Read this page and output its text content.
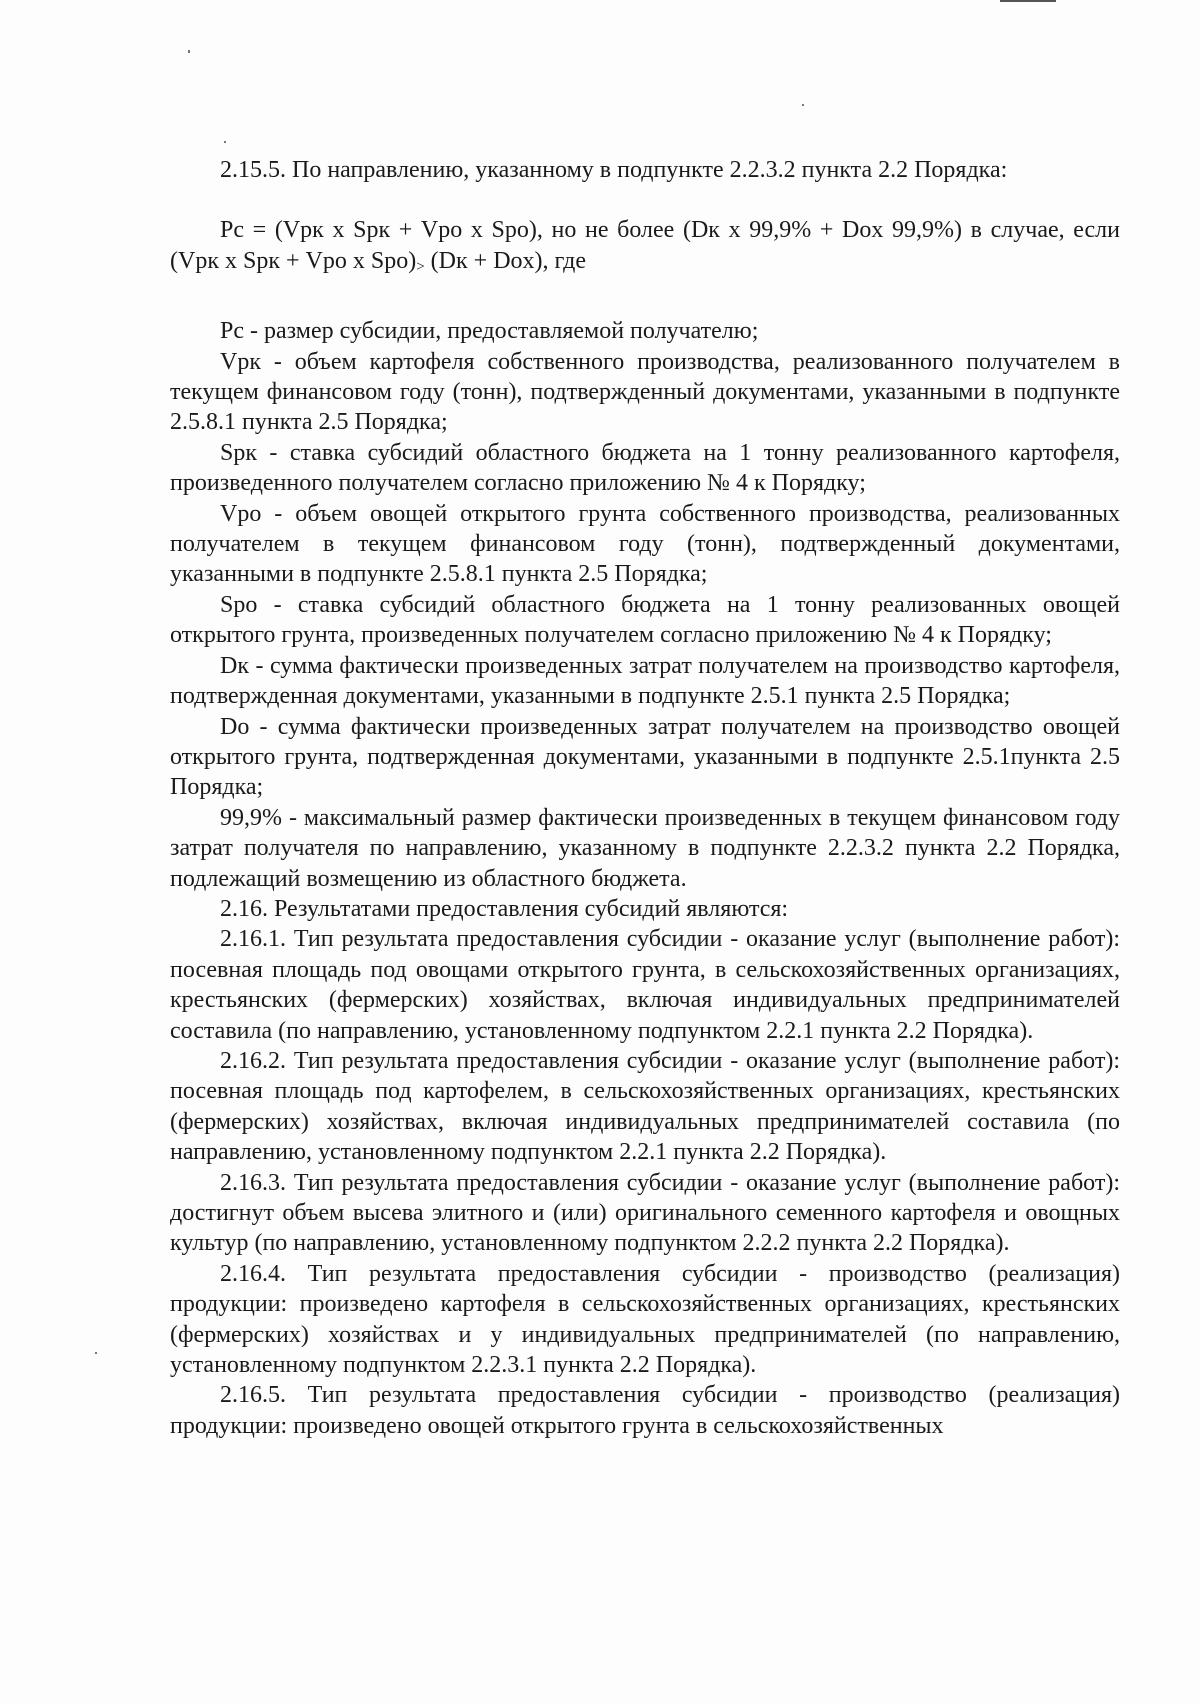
2.15.5. По направлению, указанному в подпункте 2.2.3.2 пункта 2.2 Порядка:

Рс = (Vрк x Sрк + Vро x Sро), но не более (Dк x 99,9% + Dоx 99,9%) в случае, если (Vрк x Sрк + Vро x Sро)> (Dк + Dоx), где

Рс - размер субсидии, предоставляемой получателю;

Vрк - объем картофеля собственного производства, реализованного получателем в текущем финансовом году (тонн), подтвержденный документами, указанными в подпункте 2.5.8.1 пункта 2.5 Порядка;

Sрк - ставка субсидий областного бюджета на 1 тонну реализованного картофеля, произведенного получателем согласно приложению № 4 к Порядку;

Vро - объем овощей открытого грунта собственного производства, реализованных получателем в текущем финансовом году (тонн), подтвержденный документами, указанными в подпункте 2.5.8.1 пункта 2.5 Порядка;

Sро - ставка субсидий областного бюджета на 1 тонну реализованных овощей открытого грунта, произведенных получателем согласно приложению № 4 к Порядку;

Dк - сумма фактически произведенных затрат получателем на производство картофеля, подтвержденная документами, указанными в подпункте 2.5.1 пункта 2.5 Порядка;

Dо - сумма фактически произведенных затрат получателем на производство овощей открытого грунта, подтвержденная документами, указанными в подпункте 2.5.1пункта 2.5 Порядка;

99,9% - максимальный размер фактически произведенных в текущем финансовом году затрат получателя по направлению, указанному в подпункте 2.2.3.2 пункта 2.2 Порядка, подлежащий возмещению из областного бюджета.

2.16. Результатами предоставления субсидий являются:

2.16.1. Тип результата предоставления субсидии - оказание услуг (выполнение работ): посевная площадь под овощами открытого грунта, в сельскохозяйственных организациях, крестьянских (фермерских) хозяйствах, включая индивидуальных предпринимателей составила (по направлению, установленному подпунктом 2.2.1 пункта 2.2 Порядка).

2.16.2. Тип результата предоставления субсидии - оказание услуг (выполнение работ): посевная площадь под картофелем, в сельскохозяйственных организациях, крестьянских (фермерских) хозяйствах, включая индивидуальных предпринимателей составила (по направлению, установленному подпунктом 2.2.1 пункта 2.2 Порядка).

2.16.3. Тип результата предоставления субсидии - оказание услуг (выполнение работ): достигнут объем высева элитного и (или) оригинального семенного картофеля и овощных культур (по направлению, установленному подпунктом 2.2.2 пункта 2.2 Порядка).

2.16.4. Тип результата предоставления субсидии - производство (реализация) продукции: произведено картофеля в сельскохозяйственных организациях, крестьянских (фермерских) хозяйствах и у индивидуальных предпринимателей (по направлению, установленному подпунктом 2.2.3.1 пункта 2.2 Порядка).

2.16.5. Тип результата предоставления субсидии - производство (реализация) продукции: произведено овощей открытого грунта в сельскохозяйственных
